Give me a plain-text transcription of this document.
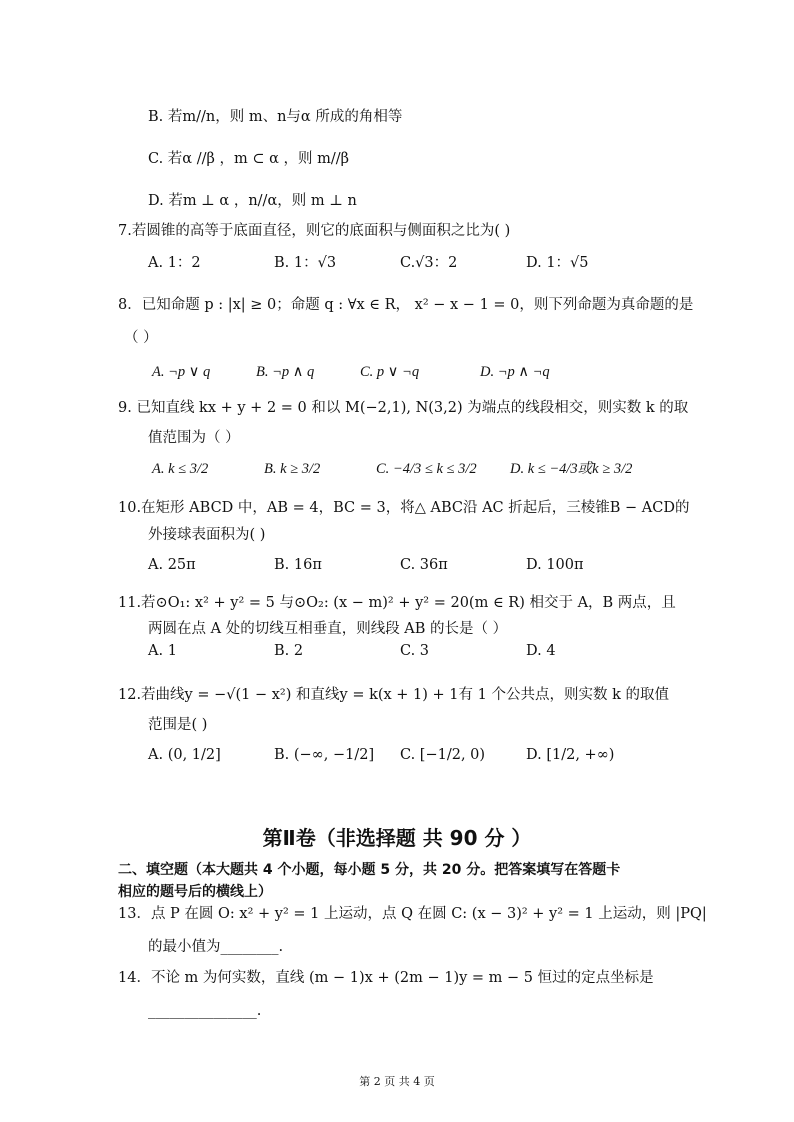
B. 若m//n，则 m、n与α 所成的角相等
C. 若α //β ，m ⊂ α ，则 m//β
D. 若m ⊥ α ，n//α，则 m ⊥ n
7.若圆锥的高等于底面直径，则它的底面积与侧面积之比为( )
A. 1：2	B. 1：√3	C.√3：2	D. 1：√5
8．已知命题 p : |x| ≥ 0；命题 q : ∀x ∈ R， x² − x − 1 = 0，则下列命题为真命题的是
（ ）
A. ¬p ∨ q	B. ¬p ∧ q	C. p ∨ ¬q	D. ¬p ∧ ¬q
9. 已知直线 kx + y + 2 = 0 和以 M(−2,1), N(3,2) 为端点的线段相交，则实数 k 的取
值范围为（ ）
A. k ≤ 3/2	B. k ≥ 3/2	C. −4/3 ≤ k ≤ 3/2	D. k ≤ −4/3或k ≥ 3/2
10.在矩形 ABCD 中，AB = 4，BC = 3，将△ ABC沿 AC 折起后，三棱锥B − ACD的
外接球表面积为( )
A. 25π	B. 16π	C. 36π	D. 100π
11.若⊙O₁: x² + y² = 5 与⊙O₂: (x − m)² + y² = 20(m ∈ R) 相交于 A，B 两点，且
两圆在点 A 处的切线互相垂直，则线段 AB 的长是（ ）
A. 1	B. 2	C. 3	D. 4
12.若曲线y = −√(1 − x²) 和直线y = k(x + 1) + 1有 1 个公共点，则实数 k 的取值
范围是( )
A. (0, 1/2]	B. (−∞, −1/2]	C. [−1/2, 0)	D. [1/2, +∞)
第Ⅱ卷（非选择题 共 90 分 ）
二、填空题（本大题共 4 个小题，每小题 5 分，共 20 分。把答案填写在答题卡
相应的题号后的横线上）
13．点 P 在圆 O: x² + y² = 1 上运动，点 Q 在圆 C: (x − 3)² + y² = 1 上运动，则 |PQ|
的最小值为________.
14．不论 m 为何实数，直线 (m − 1)x + (2m − 1)y = m − 5 恒过的定点坐标是
_______________.
第 2 页 共 4 页
